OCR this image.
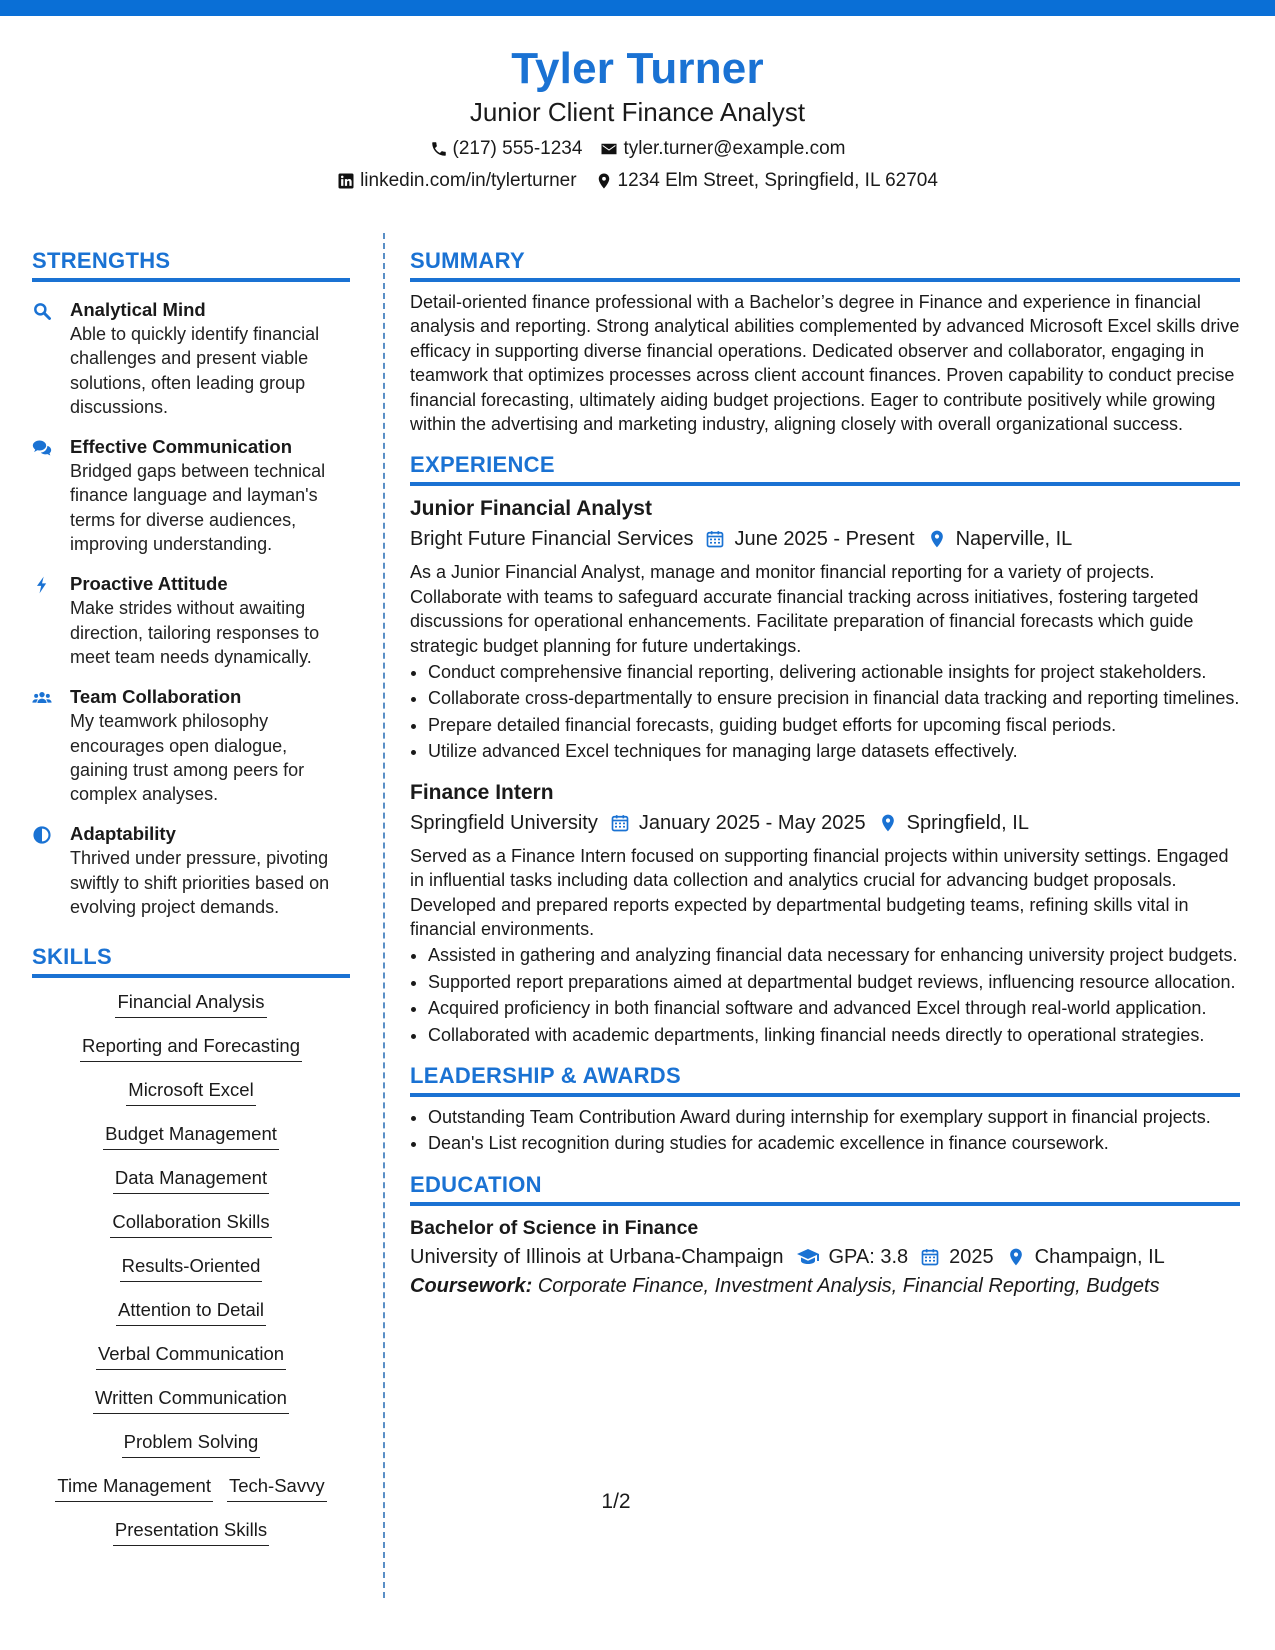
Tyler Turner
Junior Client Finance Analyst
(217) 555-1234 tyler.turner@example.com
linkedin.com/in/tylerturner 1234 Elm Street, Springfield, IL 62704
STRENGTHS
Analytical Mind
Able to quickly identify financial challenges and present viable solutions, often leading group discussions.
Effective Communication
Bridged gaps between technical finance language and layman's terms for diverse audiences, improving understanding.
Proactive Attitude
Make strides without awaiting direction, tailoring responses to meet team needs dynamically.
Team Collaboration
My teamwork philosophy encourages open dialogue, gaining trust among peers for complex analyses.
Adaptability
Thrived under pressure, pivoting swiftly to shift priorities based on evolving project demands.
SKILLS
Financial Analysis
Reporting and Forecasting
Microsoft Excel
Budget Management
Data Management
Collaboration Skills
Results-Oriented
Attention to Detail
Verbal Communication
Written Communication
Problem Solving
Time Management Tech-Savvy
Presentation Skills
SUMMARY
Detail-oriented finance professional with a Bachelor’s degree in Finance and experience in financial analysis and reporting. Strong analytical abilities complemented by advanced Microsoft Excel skills drive efficacy in supporting diverse financial operations. Dedicated observer and collaborator, engaging in teamwork that optimizes processes across client account finances. Proven capability to conduct precise financial forecasting, ultimately aiding budget projections. Eager to contribute positively while growing within the advertising and marketing industry, aligning closely with overall organizational success.
EXPERIENCE
Junior Financial Analyst
Bright Future Financial Services June 2025 - Present Naperville, IL
As a Junior Financial Analyst, manage and monitor financial reporting for a variety of projects. Collaborate with teams to safeguard accurate financial tracking across initiatives, fostering targeted discussions for operational enhancements. Facilitate preparation of financial forecasts which guide strategic budget planning for future undertakings.
• Conduct comprehensive financial reporting, delivering actionable insights for project stakeholders.
• Collaborate cross-departmentally to ensure precision in financial data tracking and reporting timelines.
• Prepare detailed financial forecasts, guiding budget efforts for upcoming fiscal periods.
• Utilize advanced Excel techniques for managing large datasets effectively.
Finance Intern
Springfield University January 2025 - May 2025 Springfield, IL
Served as a Finance Intern focused on supporting financial projects within university settings. Engaged in influential tasks including data collection and analytics crucial for advancing budget proposals. Developed and prepared reports expected by departmental budgeting teams, refining skills vital in financial environments.
• Assisted in gathering and analyzing financial data necessary for enhancing university project budgets.
• Supported report preparations aimed at departmental budget reviews, influencing resource allocation.
• Acquired proficiency in both financial software and advanced Excel through real-world application.
• Collaborated with academic departments, linking financial needs directly to operational strategies.
LEADERSHIP & AWARDS
• Outstanding Team Contribution Award during internship for exemplary support in financial projects.
• Dean's List recognition during studies for academic excellence in finance coursework.
EDUCATION
Bachelor of Science in Finance
University of Illinois at Urbana-Champaign GPA: 3.8 2025 Champaign, IL
Coursework: Corporate Finance, Investment Analysis, Financial Reporting, Budgets
1/2
